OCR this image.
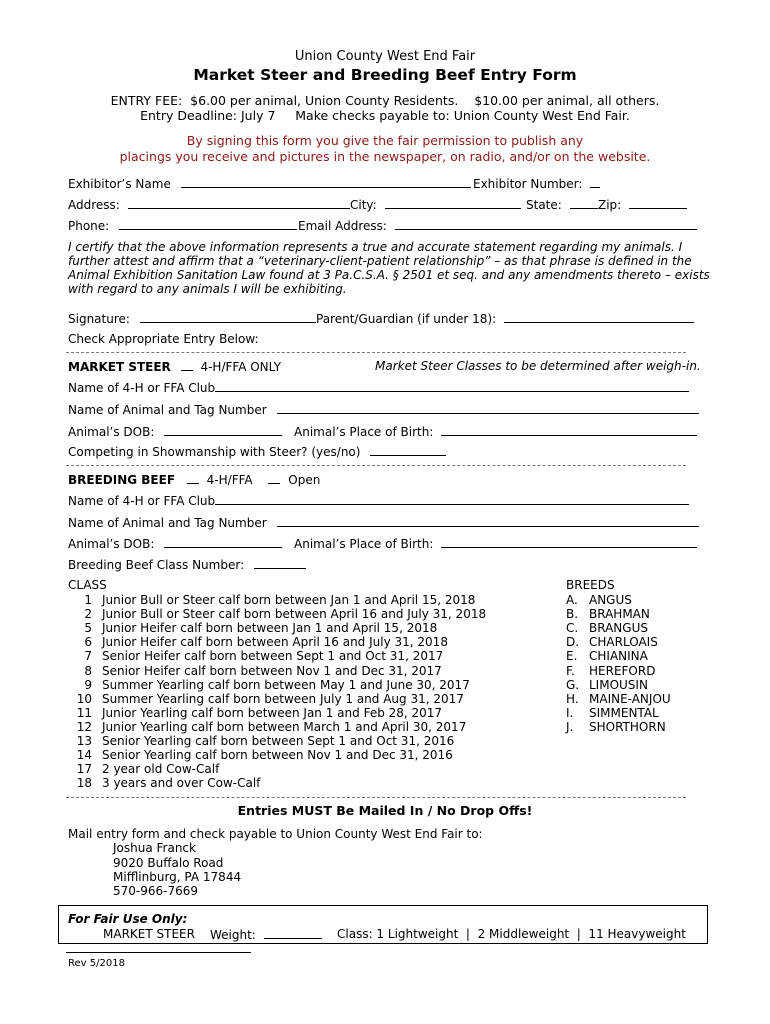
Union County West End Fair
Market Steer and Breeding Beef Entry Form
ENTRY FEE:  $6.00 per animal, Union County Residents.    $10.00 per animal, all others.
Entry Deadline: July 7     Make checks payable to: Union County West End Fair.
By signing this form you give the fair permission to publish any
placings you receive and pictures in the newspaper, on radio, and/or on the website.
Exhibitor’s Name	Exhibitor Number:
Address:	City:	State:	Zip:
Phone:	Email Address:
I certify that the above information represents a true and accurate statement regarding my animals. I
further attest and affirm that a “veterinary-client-patient relationship” – as that phrase is defined in the
Animal Exhibition Sanitation Law found at 3 Pa.C.S.A. § 2501 et seq. and any amendments thereto – exists
with regard to any animals I will be exhibiting.
Signature:	Parent/Guardian (if under 18):
Check Appropriate Entry Below:
MARKET STEER 4-H/FFA ONLY	Market Steer Classes to be determined after weigh-in.
Name of 4-H or FFA Club
Name of Animal and Tag Number
Animal’s DOB:	Animal’s Place of Birth:
Competing in Showmanship with Steer? (yes/no)
BREEDING BEEF	4-H/FFA	Open
Name of 4-H or FFA Club
Name of Animal and Tag Number
Animal’s DOB:	Animal’s Place of Birth:
Breeding Beef Class Number:
CLASS
1 Junior Bull or Steer calf born between Jan 1 and April 15, 2018
2 Junior Bull or Steer calf born between April 16 and July 31, 2018
5 Junior Heifer calf born between Jan 1 and April 15, 2018
6 Junior Heifer calf born between April 16 and July 31, 2018
7 Senior Heifer calf born between Sept 1 and Oct 31, 2017
8 Senior Heifer calf born between Nov 1 and Dec 31, 2017
9 Summer Yearling calf born between May 1 and June 30, 2017
10 Summer Yearling calf born between July 1 and Aug 31, 2017
11 Junior Yearling calf born between Jan 1 and Feb 28, 2017
12 Junior Yearling calf born between March 1 and April 30, 2017
13 Senior Yearling calf born between Sept 1 and Oct 31, 2016
14 Senior Yearling calf born between Nov 1 and Dec 31, 2016
17 2 year old Cow-Calf
18 3 years and over Cow-Calf
BREEDS
A. ANGUS
B. BRAHMAN
C. BRANGUS
D. CHARLOAIS
E. CHIANINA
F. HEREFORD
G. LIMOUSIN
H. MAINE-ANJOU
I. SIMMENTAL
J. SHORTHORN
Entries MUST Be Mailed In / No Drop Offs!
Mail entry form and check payable to Union County West End Fair to:
Joshua Franck
9020 Buffalo Road
Mifflinburg, PA 17844
570-966-7669
For Fair Use Only:
MARKET STEER Weight:	Class: 1 Lightweight  |  2 Middleweight  |  11 Heavyweight
Rev 5/2018
